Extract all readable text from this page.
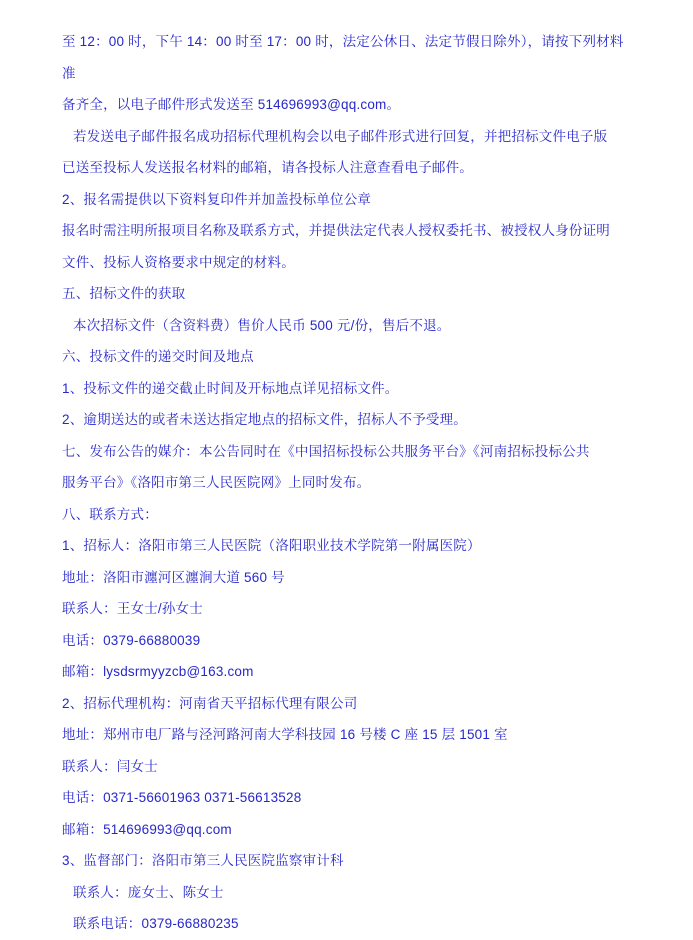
至 12：00 时，下午 14：00 时至 17：00 时，法定公休日、法定节假日除外），请按下列材料准
备齐全，以电子邮件形式发送至 514696993@qq.com。
若发送电子邮件报名成功招标代理机构会以电子邮件形式进行回复，并把招标文件电子版
已送至投标人发送报名材料的邮箱，请各投标人注意查看电子邮件。
2、报名需提供以下资料复印件并加盖投标单位公章
报名时需注明所报项目名称及联系方式，并提供法定代表人授权委托书、被授权人身份证明
文件、投标人资格要求中规定的材料。
五、招标文件的获取
本次招标文件（含资料费）售价人民币 500 元/份，售后不退。
六、投标文件的递交时间及地点
1、投标文件的递交截止时间及开标地点详见招标文件。
2、逾期送达的或者未送达指定地点的招标文件，招标人不予受理。
七、发布公告的媒介：本公告同时在《中国招标投标公共服务平台》《河南招标投标公共
服务平台》《洛阳市第三人民医院网》上同时发布。
八、联系方式：
1、招标人：洛阳市第三人民医院（洛阳职业技术学院第一附属医院）
地址：洛阳市瀍河区瀍涧大道 560 号
联系人：王女士/孙女士
电话：0379-66880039
邮箱：lysdsrmyyzcb@163.com
2、招标代理机构：河南省天平招标代理有限公司
地址：郑州市电厂路与泾河路河南大学科技园 16 号楼 C 座 15 层 1501 室
联系人：闫女士
电话：0371-56601963 0371-56613528
邮箱：514696993@qq.com
3、监督部门：洛阳市第三人民医院监察审计科
联系人：庞女士、陈女士
联系电话：0379-66880235
